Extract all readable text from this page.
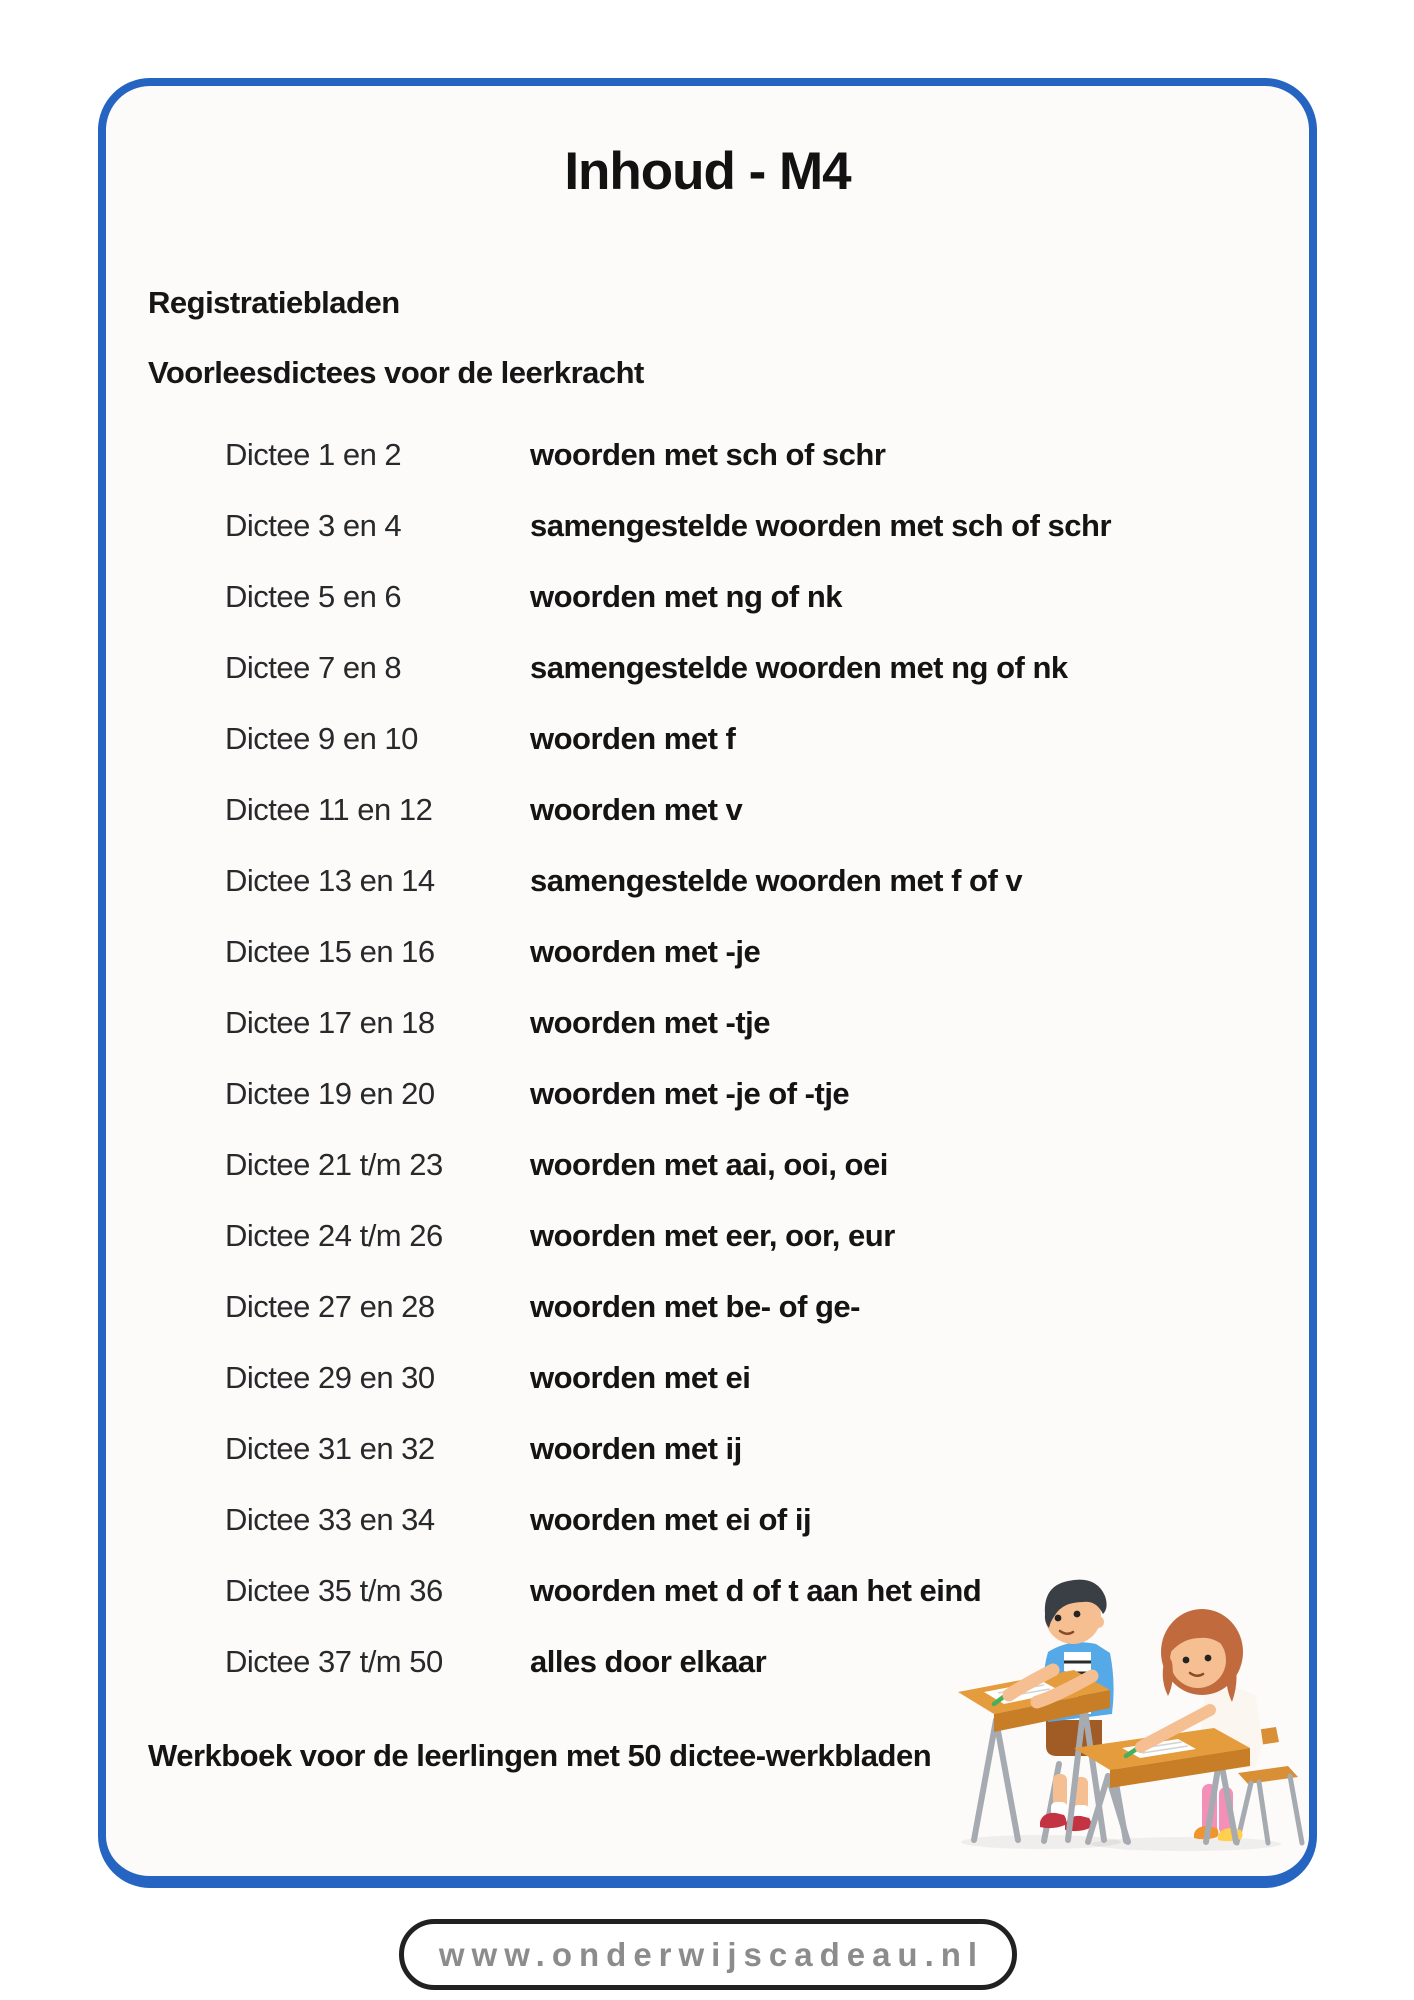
Inhoud - M4
Registratiebladen
Voorleesdictees voor de leerkracht
Dictee 1 en 2	woorden met sch of schr
Dictee 3 en 4	samengestelde woorden met sch of schr
Dictee 5 en 6	woorden met ng of nk
Dictee 7 en 8	samengestelde woorden met ng of nk
Dictee 9 en 10	woorden met f
Dictee 11 en 12	woorden met v
Dictee 13 en 14	samengestelde woorden met f of v
Dictee 15 en 16	woorden met -je
Dictee 17 en 18	woorden met -tje
Dictee 19 en 20	woorden met -je of -tje
Dictee 21 t/m 23	woorden met aai, ooi, oei
Dictee 24 t/m 26	woorden met eer, oor, eur
Dictee 27 en 28	woorden met be- of ge-
Dictee 29 en 30	woorden met ei
Dictee 31 en 32	woorden met ij
Dictee 33 en 34	woorden met ei of ij
Dictee 35 t/m 36	woorden met d of t aan het eind
Dictee 37 t/m 50	alles door elkaar
Werkboek voor de leerlingen met 50 dictee-werkbladen
www.onderwijscadeau.nl
